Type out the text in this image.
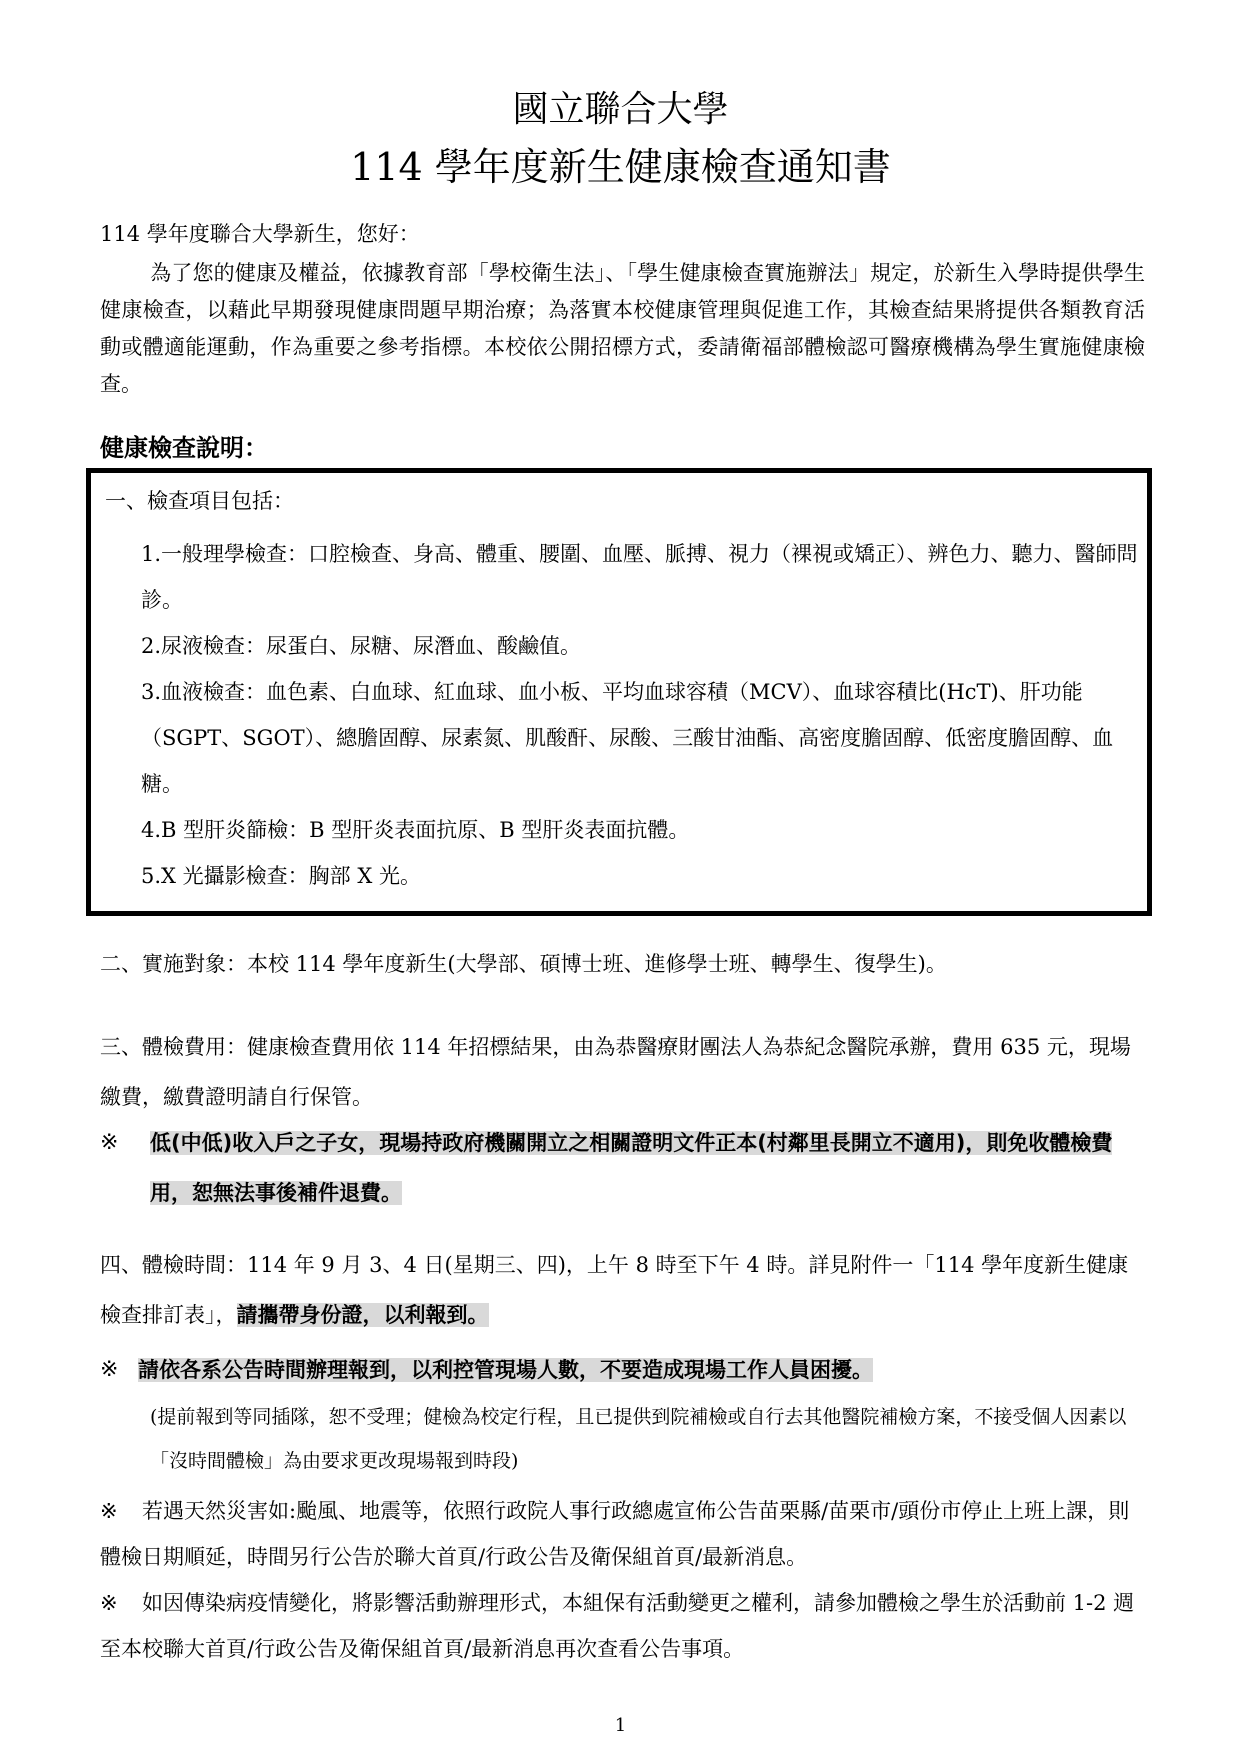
國立聯合大學
114 學年度新生健康檢查通知書
114 學年度聯合大學新生，您好：
為了您的健康及權益，依據教育部「學校衛生法」、「學生健康檢查實施辦法」規定，於新生入學時提供學生健康檢查，以藉此早期發現健康問題早期治療；為落實本校健康管理與促進工作，其檢查結果將提供各類教育活動或體適能運動，作為重要之參考指標。本校依公開招標方式，委請衛福部體檢認可醫療機構為學生實施健康檢查。
健康檢查說明：
一、檢查項目包括：
1.一般理學檢查：口腔檢查、身高、體重、腰圍、血壓、脈搏、視力（裸視或矯正）、辨色力、聽力、醫師問診。
2.尿液檢查：尿蛋白、尿糖、尿潛血、酸鹼值。
3.血液檢查：血色素、白血球、紅血球、血小板、平均血球容積（MCV）、血球容積比(HcT)、肝功能（SGPT、SGOT）、總膽固醇、尿素氮、肌酸酐、尿酸、三酸甘油酯、高密度膽固醇、低密度膽固醇、血糖。
4.B 型肝炎篩檢：B 型肝炎表面抗原、B 型肝炎表面抗體。
5.X 光攝影檢查：胸部 X 光。
二、實施對象：本校 114 學年度新生(大學部、碩博士班、進修學士班、轉學生、復學生)。
三、體檢費用：健康檢查費用依 114 年招標結果，由為恭醫療財團法人為恭紀念醫院承辦，費用 635 元，現場繳費，繳費證明請自行保管。
※ 低(中低)收入戶之子女，現場持政府機關開立之相關證明文件正本(村鄰里長開立不適用)，則免收體檢費用，恕無法事後補件退費。
四、體檢時間：114 年 9 月 3、4 日(星期三、四)，上午 8 時至下午 4 時。詳見附件一「114 學年度新生健康檢查排訂表」，請攜帶身份證，以利報到。
※ 請依各系公告時間辦理報到，以利控管現場人數，不要造成現場工作人員困擾。
(提前報到等同插隊，恕不受理；健檢為校定行程，且已提供到院補檢或自行去其他醫院補檢方案，不接受個人因素以「沒時間體檢」為由要求更改現場報到時段)
※ 若遇天然災害如:颱風、地震等，依照行政院人事行政總處宣佈公告苗栗縣/苗栗市/頭份市停止上班上課，則體檢日期順延，時間另行公告於聯大首頁/行政公告及衛保組首頁/最新消息。
※ 如因傳染病疫情變化，將影響活動辦理形式，本組保有活動變更之權利，請參加體檢之學生於活動前 1-2 週至本校聯大首頁/行政公告及衛保組首頁/最新消息再次查看公告事項。
1
